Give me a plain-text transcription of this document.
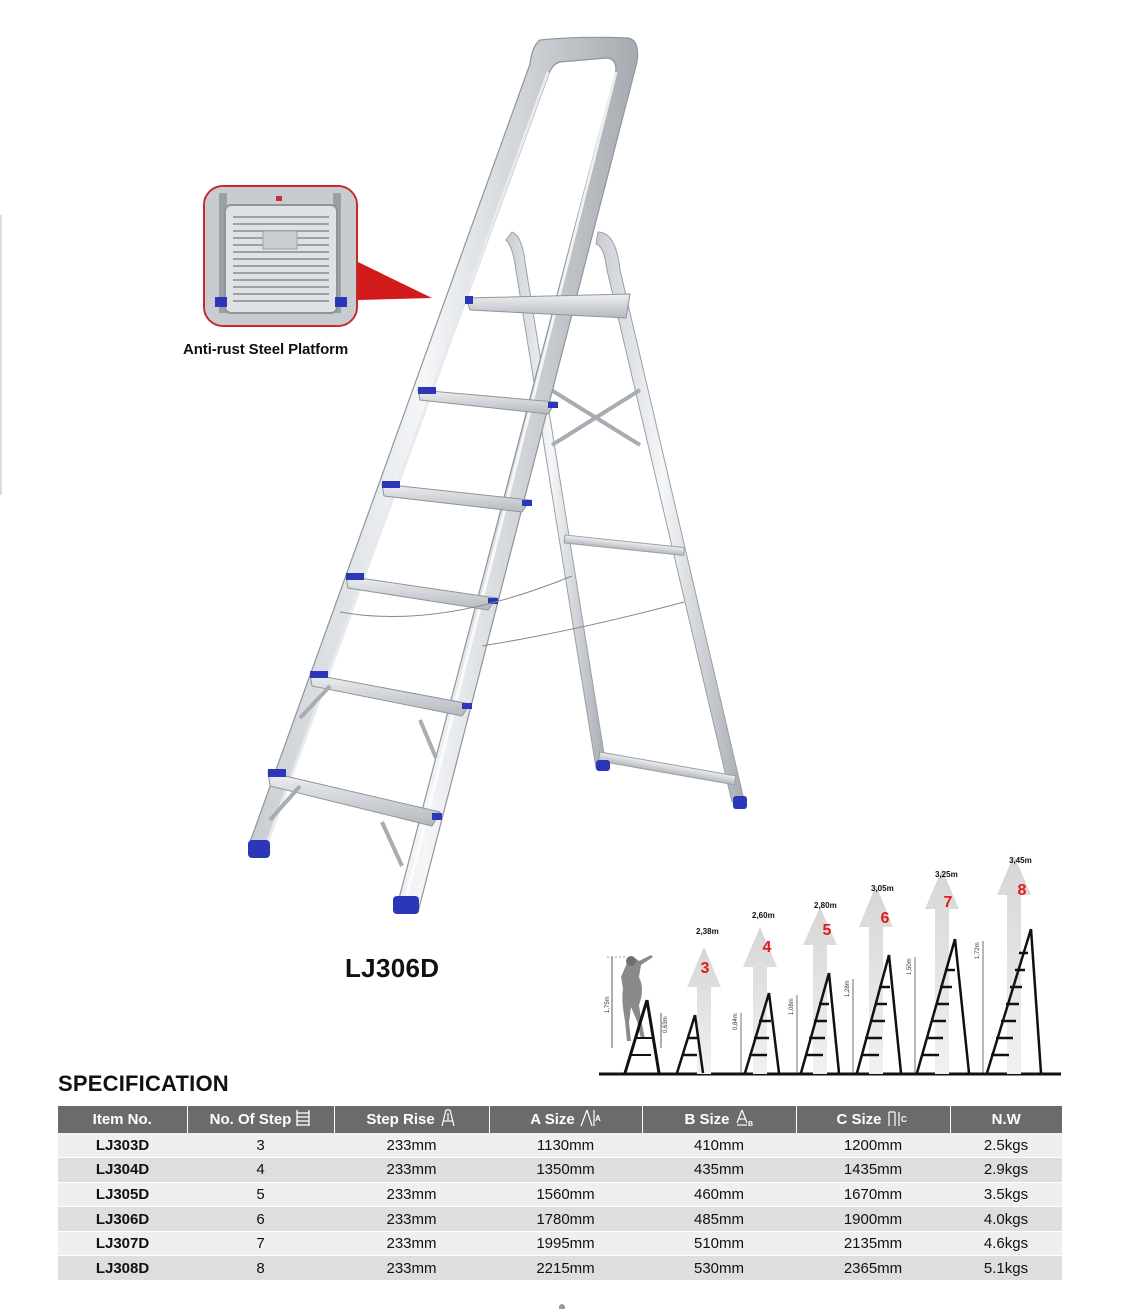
Anti-rust Steel Platform
LJ306D
1,75m
0,63m
2,38m
3
2,60m
4
0,84m
2,80m
5
1,08m
3,05m
6
1,28m
3,25m
7
1,50m
3,45m
8
1,72m
SPECIFICATION
Item No.	No. Of Step	Step Rise	A Size A	B Size B	C Size C	N.W
LJ303D	3	233mm	1130mm	410mm	1200mm	2.5kgs
LJ304D	4	233mm	1350mm	435mm	1435mm	2.9kgs
LJ305D	5	233mm	1560mm	460mm	1670mm	3.5kgs
LJ306D	6	233mm	1780mm	485mm	1900mm	4.0kgs
LJ307D	7	233mm	1995mm	510mm	2135mm	4.6kgs
LJ308D	8	233mm	2215mm	530mm	2365mm	5.1kgs
